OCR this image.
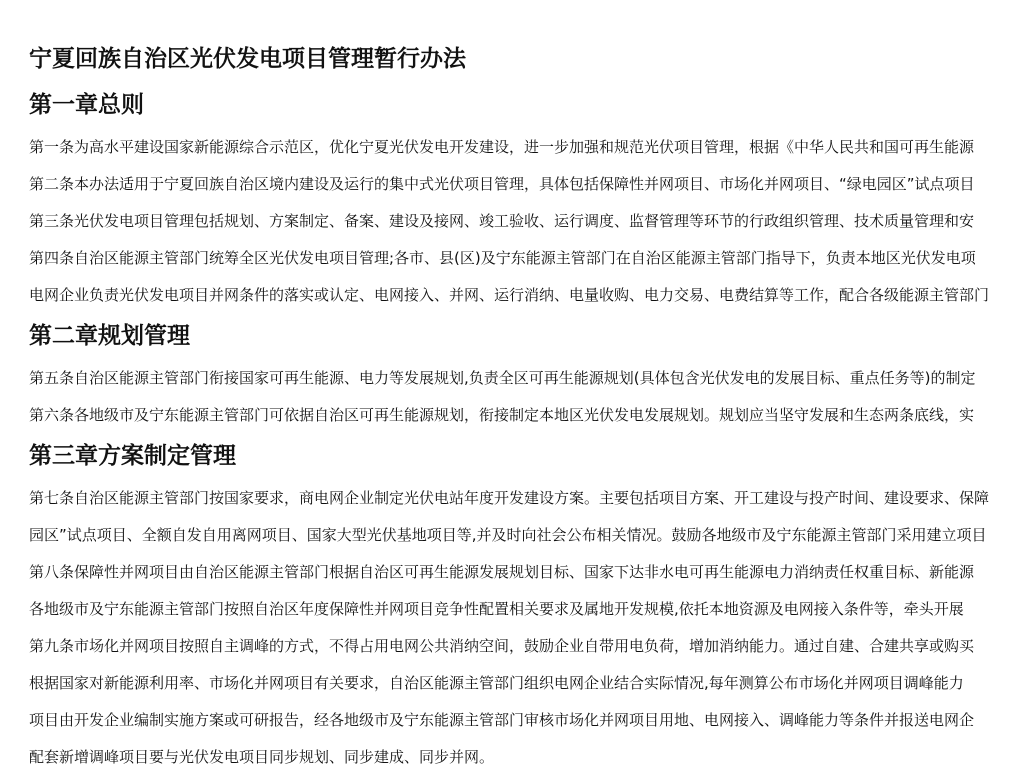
宁夏回族自治区光伏发电项目管理暂行办法
第一章总则
第一条为高水平建设国家新能源综合示范区，优化宁夏光伏发电开发建设，进一步加强和规范光伏项目管理，根据《中华人民共和国可再生能源
第二条本办法适用于宁夏回族自治区境内建设及运行的集中式光伏项目管理，具体包括保障性并网项目、市场化并网项目、“绿电园区”试点项目
第三条光伏发电项目管理包括规划、方案制定、备案、建设及接网、竣工验收、运行调度、监督管理等环节的行政组织管理、技术质量管理和安
第四条自治区能源主管部门统筹全区光伏发电项目管理;各市、县(区)及宁东能源主管部门在自治区能源主管部门指导下，负责本地区光伏发电项
电网企业负责光伏发电项目并网条件的落实或认定、电网接入、并网、运行消纳、电量收购、电力交易、电费结算等工作，配合各级能源主管部门
第二章规划管理
第五条自治区能源主管部门衔接国家可再生能源、电力等发展规划,负责全区可再生能源规划(具体包含光伏发电的发展目标、重点任务等)的制定
第六条各地级市及宁东能源主管部门可依据自治区可再生能源规划，衔接制定本地区光伏发电发展规划。规划应当坚守发展和生态两条底线，实
第三章方案制定管理
第七条自治区能源主管部门按国家要求，商电网企业制定光伏电站年度开发建设方案。主要包括项目方案、开工建设与投产时间、建设要求、保障
园区”试点项目、全额自发自用离网项目、国家大型光伏基地项目等,并及时向社会公布相关情况。鼓励各地级市及宁东能源主管部门采用建立项目
第八条保障性并网项目由自治区能源主管部门根据自治区可再生能源发展规划目标、国家下达非水电可再生能源电力消纳责任权重目标、新能源
各地级市及宁东能源主管部门按照自治区年度保障性并网项目竞争性配置相关要求及属地开发规模,依托本地资源及电网接入条件等，牵头开展
第九条市场化并网项目按照自主调峰的方式，不得占用电网公共消纳空间，鼓励企业自带用电负荷，增加消纳能力。通过自建、合建共享或购买
根据国家对新能源利用率、市场化并网项目有关要求，自治区能源主管部门组织电网企业结合实际情况,每年测算公布市场化并网项目调峰能力
项目由开发企业编制实施方案或可研报告，经各地级市及宁东能源主管部门审核市场化并网项目用地、电网接入、调峰能力等条件并报送电网企
配套新增调峰项目要与光伏发电项目同步规划、同步建成、同步并网。
